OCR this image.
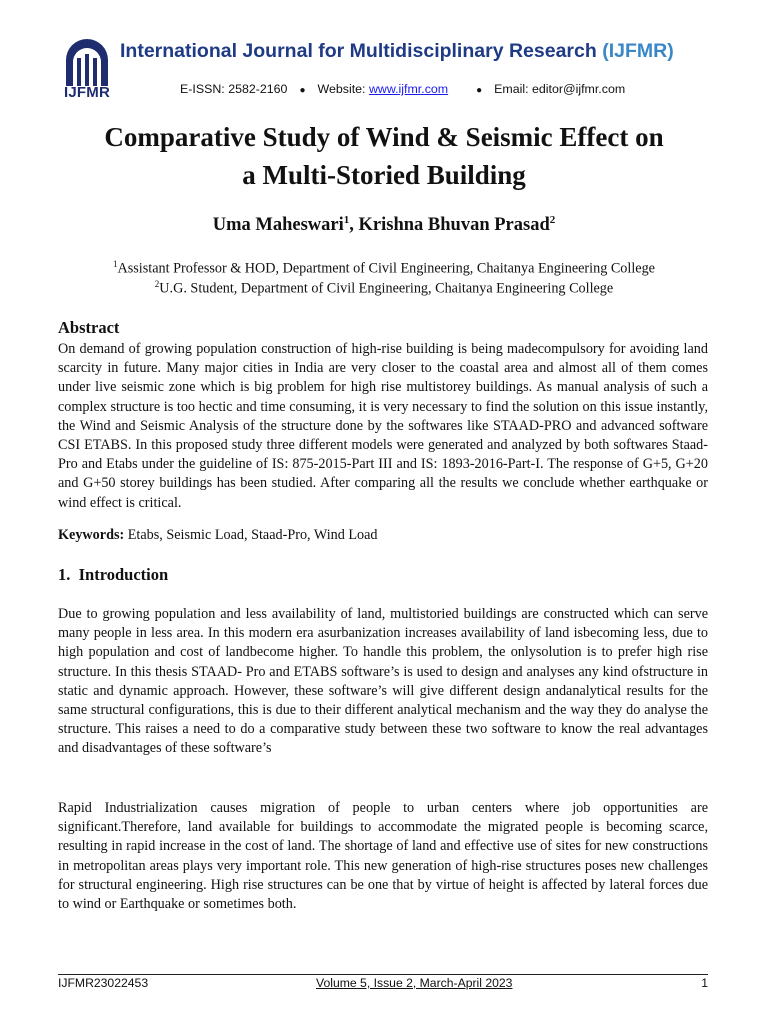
IJFMR
International Journal for Multidisciplinary Research (IJFMR)
E-ISSN: 2582-2160 ● Website: www.ijfmr.com	● Email: editor@ijfmr.com
Comparative Study of Wind & Seismic Effect on
a Multi-Storied Building
Uma Maheswari$^1$, Krishna Bhuvan Prasad$^2$
$^1$Assistant Professor & HOD, Department of Civil Engineering, Chaitanya Engineering College
$^2$U.G. Student, Department of Civil Engineering, Chaitanya Engineering College
Abstract

On demand of growing population construction of high-rise building is being madecompulsory for avoiding land scarcity in future. Many major cities in India are very closer to the coastal area and almost all of them comes under live seismic zone which is big problem for high rise multistorey buildings. As manual analysis of such a complex structure is too hectic and time consuming, it is very necessary to find the solution on this issue instantly, the Wind and Seismic Analysis of the structure done by the softwares like STAAD-PRO and advanced software CSI ETABS. In this proposed study three different models were generated and analyzed by both softwares Staad-Pro and Etabs under the guideline of IS: 875-2015-Part III and IS: 1893-2016-Part-I. The response of G+5, G+20 and G+50 storey buildings has been studied. After comparing all the results we conclude whether earthquake or wind effect is critical.

Keywords: Etabs, Seismic Load, Staad-Pro, Wind Load

1.  Introduction

Due to growing population and less availability of land, multistoried buildings are constructed which can serve many people in less area. In this modern era asurbanization increases availability of land isbecoming less, due to high population and cost of landbecome higher. To handle this problem, the onlysolution is to prefer high rise structure. In this thesis STAAD- Pro and ETABS software’s is used to design and analyses any kind ofstructure in static and dynamic approach. However, these software’s will give different design andanalytical results for the same structural configurations, this is due to their different analytical mechanism and the way they do analyse the structure. This raises a need to do a comparative study between these two software to know the real advantages and disadvantages of these software’s

Rapid Industrialization causes migration of people to urban centers where job opportunities are significant.Therefore, land available for buildings to accommodate the migrated people is becoming scarce, resulting in rapid increase in the cost of land. The shortage of land and effective use of sites for new constructions in metropolitan areas plays very important role. This new generation of high-rise structures poses new challenges for structural engineering. High rise structures can be one that by virtue of height is affected by lateral forces due to wind or Earthquake or sometimes both.

IJFMR23022453	Volume 5, Issue 2, March-April 2023	1
